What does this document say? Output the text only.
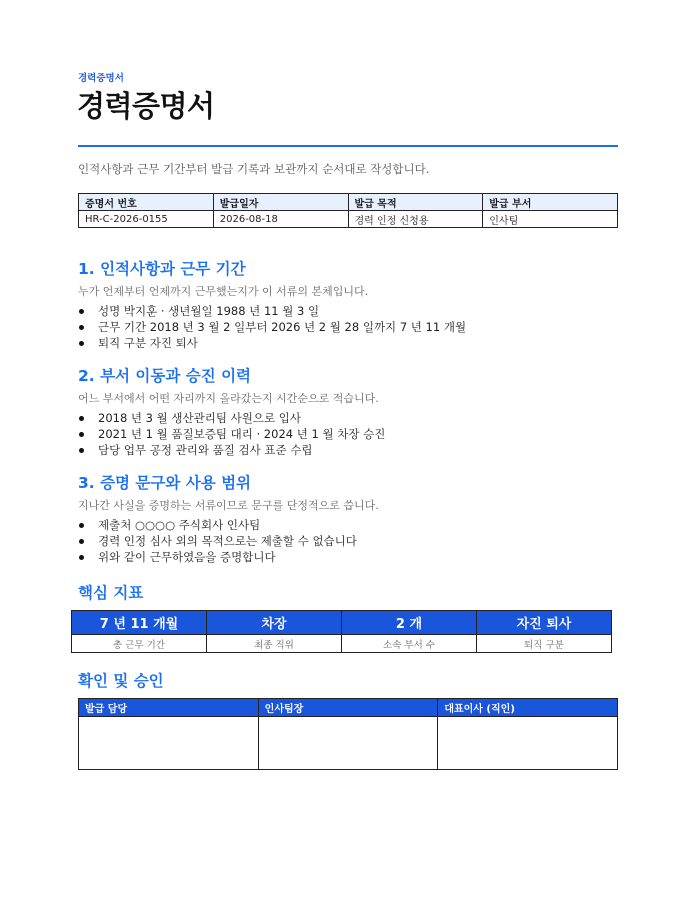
경력증명서
경력증명서
인적사항과 근무 기간부터 발급 기록과 보관까지 순서대로 작성합니다.
증명서 번호	발급일자	발급 목적	발급 부서
HR-C-2026-0155	2026-08-18	경력 인정 신청용	인사팀
1. 인적사항과 근무 기간
누가 언제부터 언제까지 근무했는지가 이 서류의 본체입니다.
성명 박지훈 · 생년월일 1988 년 11 월 3 일
근무 기간 2018 년 3 월 2 일부터 2026 년 2 월 28 일까지 7 년 11 개월
퇴직 구분 자진 퇴사
2. 부서 이동과 승진 이력
어느 부서에서 어떤 자리까지 올라갔는지 시간순으로 적습니다.
2018 년 3 월 생산관리팀 사원으로 입사
2021 년 1 월 품질보증팀 대리 · 2024 년 1 월 차장 승진
담당 업무 공정 관리와 품질 검사 표준 수립
3. 증명 문구와 사용 범위
지나간 사실을 증명하는 서류이므로 문구를 단정적으로 씁니다.
제출처 ○○○○ 주식회사 인사팀
경력 인정 심사 외의 목적으로는 제출할 수 없습니다
위와 같이 근무하였음을 증명합니다
핵심 지표
7 년 11 개월	차장	2 개	자진 퇴사
총 근무 기간	최종 직위	소속 부서 수	퇴직 구분
확인 및 승인
발급 담당	인사팀장	대표이사 (직인)
